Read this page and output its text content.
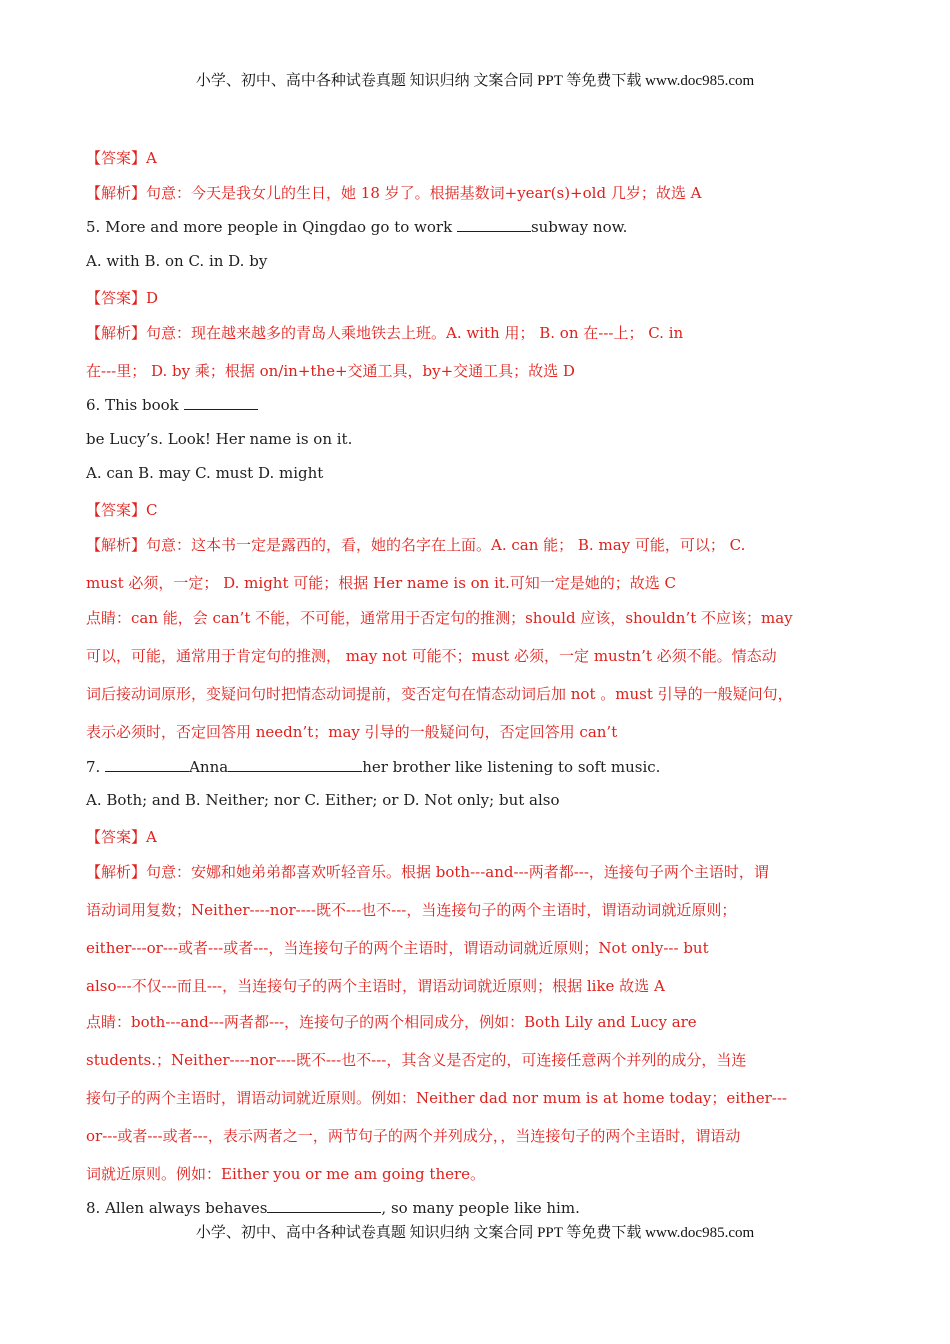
小学、初中、高中各种试卷真题 知识归纳 文案合同 PPT 等免费下载 www.doc985.com
【答案】A
【解析】句意：今天是我女儿的生日，她 18 岁了。根据基数词+year(s)+old 几岁；故选 A
5. More and more people in Qingdao go to work	subway now.
A. with B. on C. in D. by
【答案】D
【解析】句意：现在越来越多的青岛人乘地铁去上班。A. with 用； B. on 在---上； C. in
在---里； D. by 乘；根据 on/in+the+交通工具，by+交通工具；故选 D
6. This book
be Lucy’s. Look! Her name is on it.
A. can B. may C. must D. might
【答案】C
【解析】句意：这本书一定是露西的，看，她的名字在上面。A. can 能； B. may 可能，可以； C.
must 必须，一定； D. might 可能；根据 Her name is on it.可知一定是她的；故选 C
点睛：can 能，会 can’t 不能，不可能，通常用于否定句的推测；should 应该，shouldn’t 不应该；may
可以，可能，通常用于肯定句的推测， may not 可能不；must 必须，一定 mustn’t 必须不能。情态动
词后接动词原形，变疑问句时把情态动词提前，变否定句在情态动词后加 not 。must 引导的一般疑问句，
表示必须时，否定回答用 needn’t；may 引导的一般疑问句，否定回答用 can’t
7.	Anna	her brother like listening to soft music.
A. Both; and B. Neither; nor C. Either; or D. Not only; but also
【答案】A
【解析】句意：安娜和她弟弟都喜欢听轻音乐。根据 both---and---两者都---，连接句子两个主语时，谓
语动词用复数；Neither----nor----既不---也不---，当连接句子的两个主语时，谓语动词就近原则；
either---or---或者---或者---，当连接句子的两个主语时，谓语动词就近原则；Not only--- but
also---不仅---而且---，当连接句子的两个主语时，谓语动词就近原则；根据 like 故选 A
点睛：both---and---两者都---，连接句子的两个相同成分，例如：Both Lily and Lucy are
students.；Neither----nor----既不---也不---，其含义是否定的，可连接任意两个并列的成分，当连
接句子的两个主语时，谓语动词就近原则。例如：Neither dad nor mum is at home today；either---
or---或者---或者---，表示两者之一，两节句子的两个并列成分，，当连接句子的两个主语时，谓语动
词就近原则。例如：Either you or me am going there。
8. Allen always behaves	, so many people like him.
小学、初中、高中各种试卷真题 知识归纳 文案合同 PPT 等免费下载 www.doc985.com
